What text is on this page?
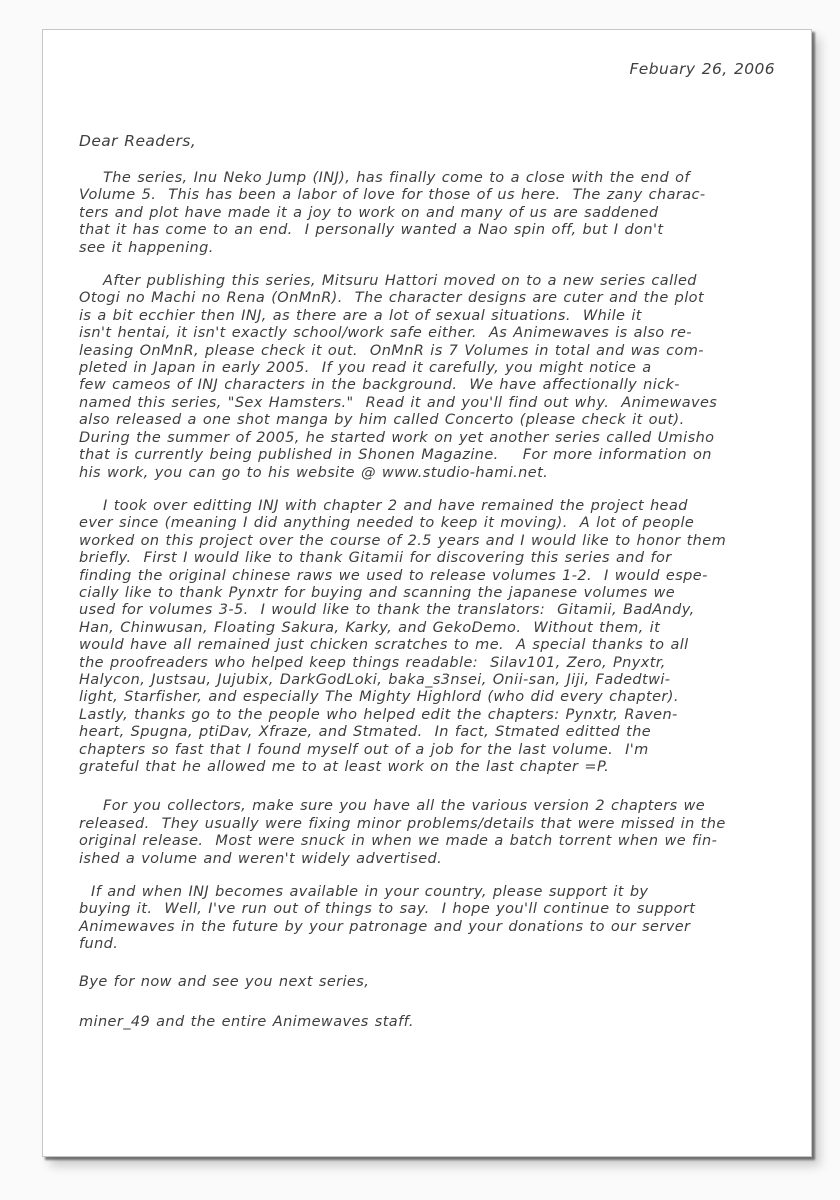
Febuary 26, 2006
Dear Readers,
The series, Inu Neko Jump (INJ), has finally come to a close with the end of
Volume 5.  This has been a labor of love for those of us here.  The zany charac-
ters and plot have made it a joy to work on and many of us are saddened
that it has come to an end.  I personally wanted a Nao spin off, but I don't
see it happening.
After publishing this series, Mitsuru Hattori moved on to a new series called
Otogi no Machi no Rena (OnMnR).  The character designs are cuter and the plot
is a bit ecchier then INJ, as there are a lot of sexual situations.  While it
isn't hentai, it isn't exactly school/work safe either.  As Animewaves is also re-
leasing OnMnR, please check it out.  OnMnR is 7 Volumes in total and was com-
pleted in Japan in early 2005.  If you read it carefully, you might notice a
few cameos of INJ characters in the background.  We have affectionally nick-
named this series, "Sex Hamsters."  Read it and you'll find out why.  Animewaves
also released a one shot manga by him called Concerto (please check it out).
During the summer of 2005, he started work on yet another series called Umisho
that is currently being published in Shonen Magazine.    For more information on
his work, you can go to his website @ www.studio-hami.net.
I took over editting INJ with chapter 2 and have remained the project head
ever since (meaning I did anything needed to keep it moving).  A lot of people
worked on this project over the course of 2.5 years and I would like to honor them
briefly.  First I would like to thank Gitamii for discovering this series and for
finding the original chinese raws we used to release volumes 1-2.  I would espe-
cially like to thank Pynxtr for buying and scanning the japanese volumes we
used for volumes 3-5.  I would like to thank the translators:  Gitamii, BadAndy,
Han, Chinwusan, Floating Sakura, Karky, and GekoDemo.  Without them, it
would have all remained just chicken scratches to me.  A special thanks to all
the proofreaders who helped keep things readable:  Silav101, Zero, Pnyxtr,
Halycon, Justsau, Jujubix, DarkGodLoki, baka_s3nsei, Onii-san, Jiji, Fadedtwi-
light, Starfisher, and especially The Mighty Highlord (who did every chapter).
Lastly, thanks go to the people who helped edit the chapters: Pynxtr, Raven-
heart, Spugna, ptiDav, Xfraze, and Stmated.  In fact, Stmated editted the
chapters so fast that I found myself out of a job for the last volume.  I'm
grateful that he allowed me to at least work on the last chapter =P.
For you collectors, make sure you have all the various version 2 chapters we
released.  They usually were fixing minor problems/details that were missed in the
original release.  Most were snuck in when we made a batch torrent when we fin-
ished a volume and weren't widely advertised.
If and when INJ becomes available in your country, please support it by
buying it.  Well, I've run out of things to say.  I hope you'll continue to support
Animewaves in the future by your patronage and your donations to our server
fund.
Bye for now and see you next series,
miner_49 and the entire Animewaves staff.
